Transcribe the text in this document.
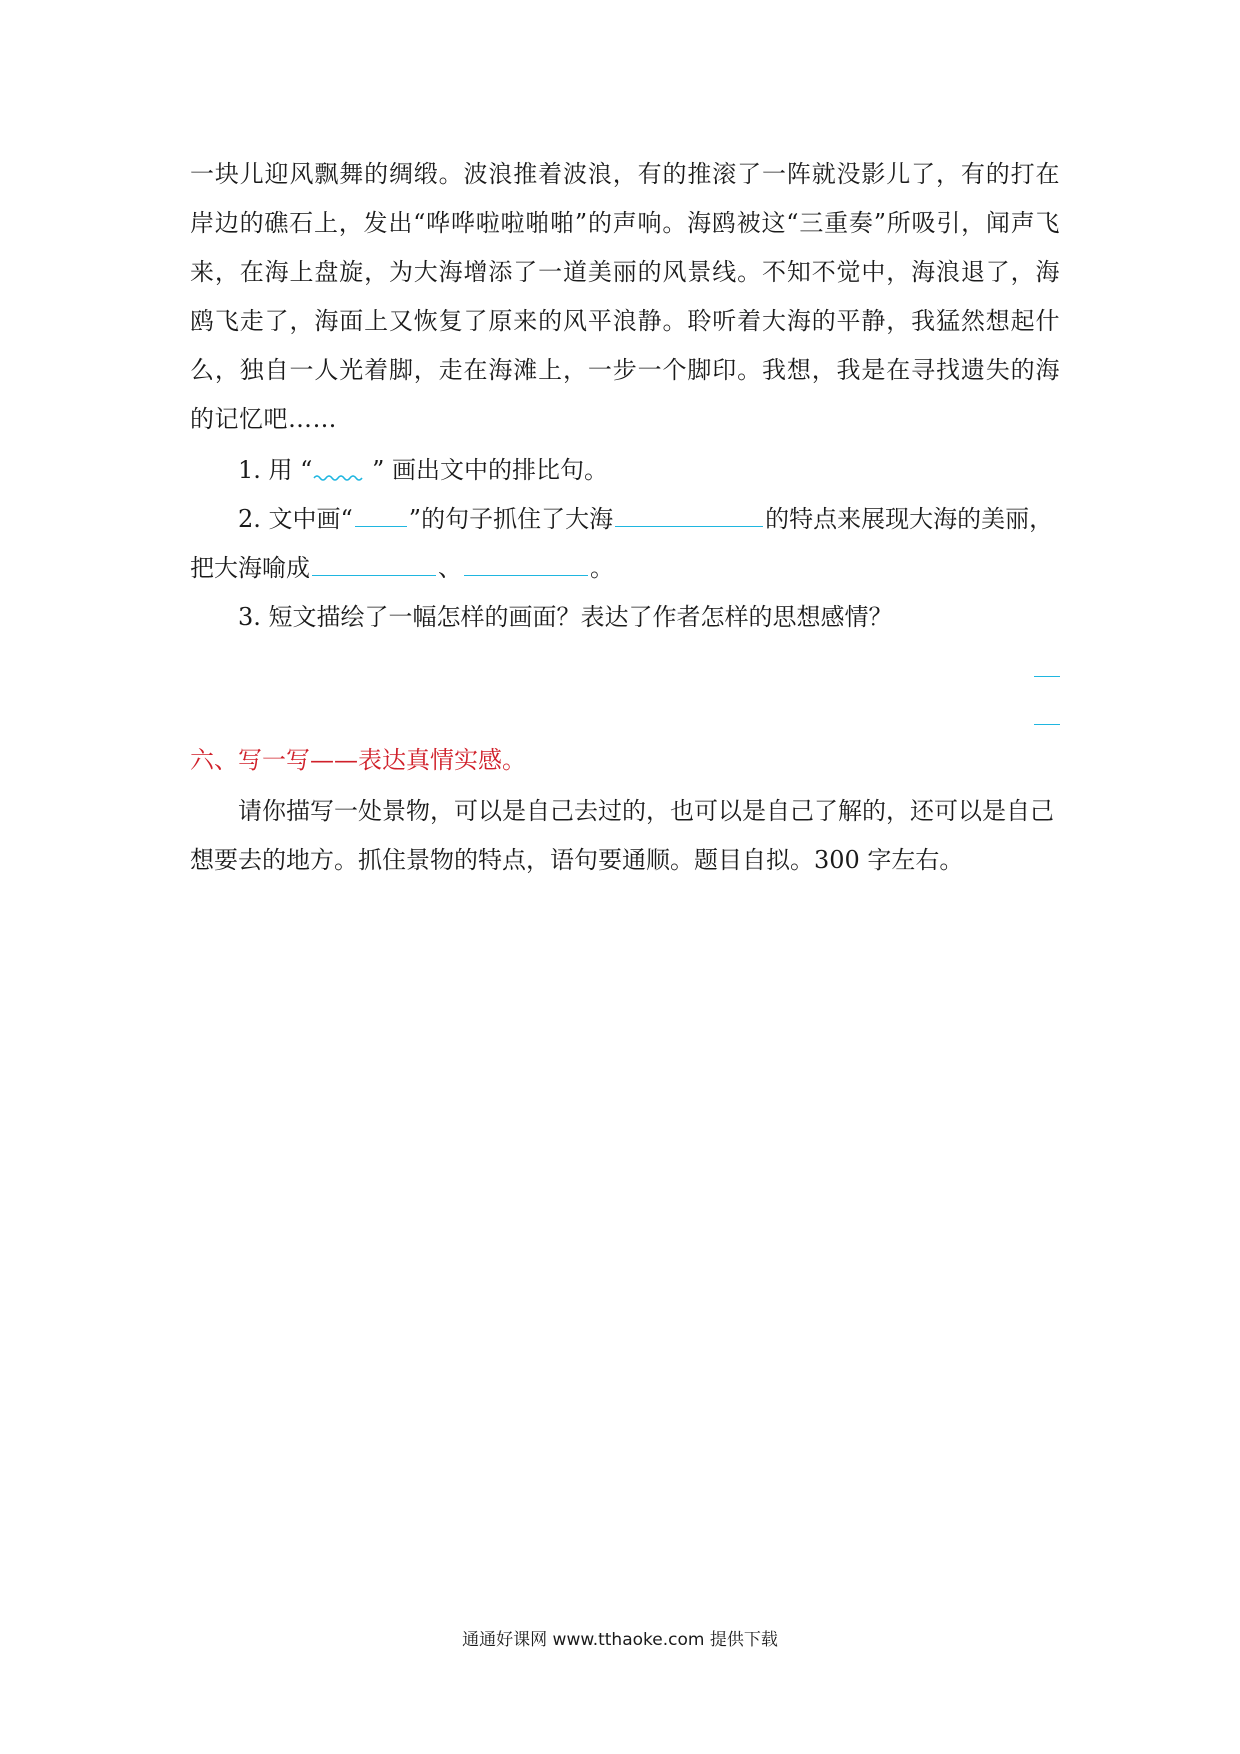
一块儿迎风飘舞的绸缎。波浪推着波浪，有的推滚了一阵就没影儿了，有的打在岸边的礁石上，发出“哗哗啦啦啪啪”的声响。海鸥被这“三重奏”所吸引，闻声飞来，在海上盘旋，为大海增添了一道美丽的风景线。不知不觉中，海浪退了，海鸥飞走了，海面上又恢复了原来的风平浪静。聆听着大海的平静，我猛然想起什么，独自一人光着脚，走在海滩上，一步一个脚印。我想，我是在寻找遗失的海的记忆吧……

1. 用 “
” 画出文中的排比句。

2. 文中画“ ”的句子抓住了大海	的特点来展现大海的美丽，

把大海喻成	、	。

3. 短文描绘了一幅怎样的画面？表达了作者怎样的思想感情？

六、写一写——表达真情实感。

请你描写一处景物，可以是自己去过的，也可以是自己了解的，还可以是自己想要去的地方。抓住景物的特点，语句要通顺。题目自拟。300 字左右。

通通好课网 www.tthaoke.com 提供下载
